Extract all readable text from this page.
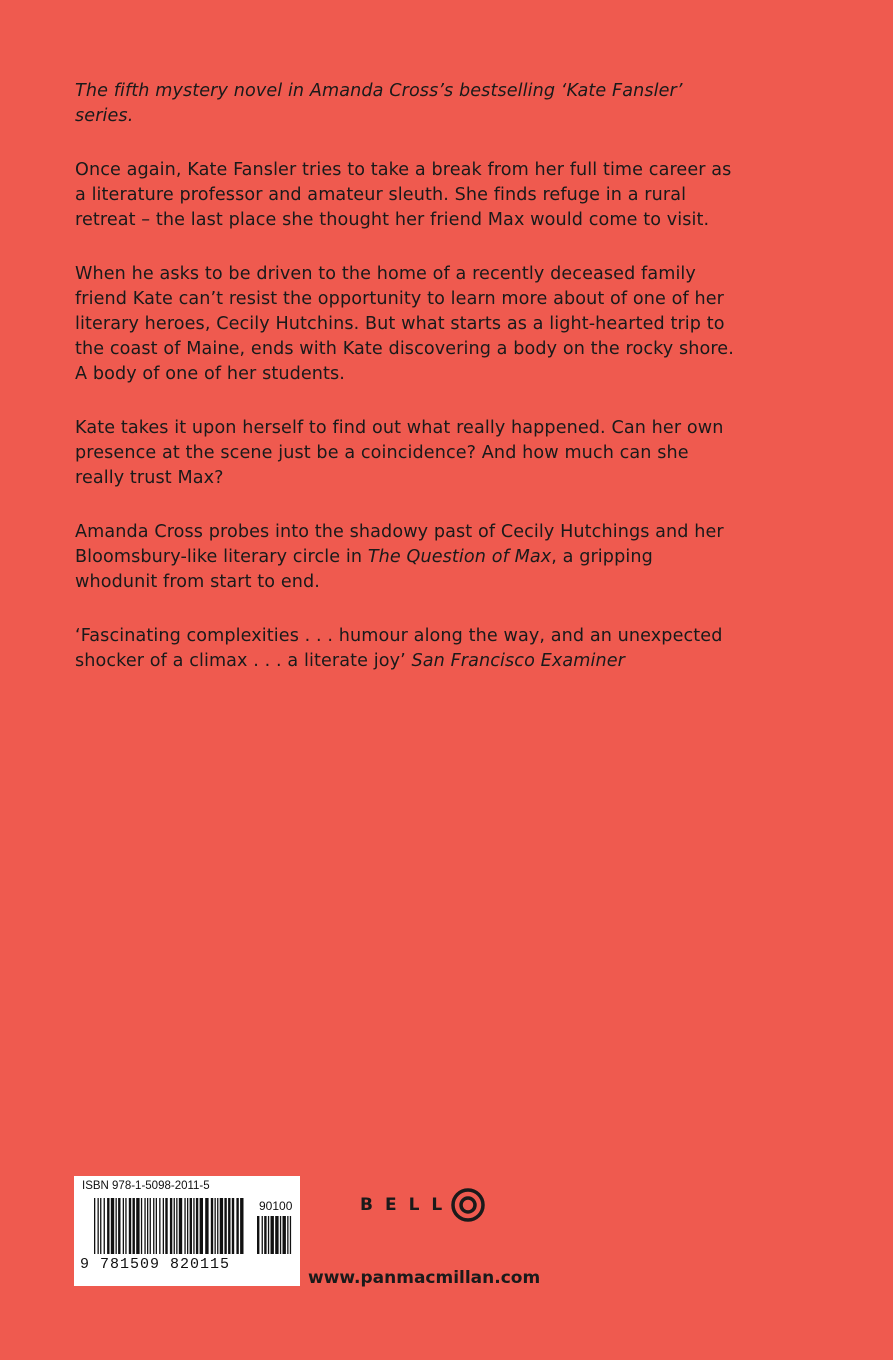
The fifth mystery novel in Amanda Cross’s bestselling ‘Kate Fansler’ series.

Once again, Kate Fansler tries to take a break from her full time career as a literature professor and amateur sleuth. She finds refuge in a rural retreat – the last place she thought her friend Max would come to visit.

When he asks to be driven to the home of a recently deceased family friend Kate can’t resist the opportunity to learn more about of one of her literary heroes, Cecily Hutchins. But what starts as a light-hearted trip to the coast of Maine, ends with Kate discovering a body on the rocky shore. A body of one of her students.

Kate takes it upon herself to find out what really happened. Can her own presence at the scene just be a coincidence? And how much can she really trust Max?

Amanda Cross probes into the shadowy past of Cecily Hutchings and her Bloomsbury-like literary circle in The Question of Max, a gripping whodunit from start to end.

‘Fascinating complexities . . . humour along the way, and an unexpected shocker of a climax . . . a literate joy’ San Francisco Examiner

ISBN 978-1-5098-2011-5
90100
9 781509 820115
BELL
www.panmacmillan.com
